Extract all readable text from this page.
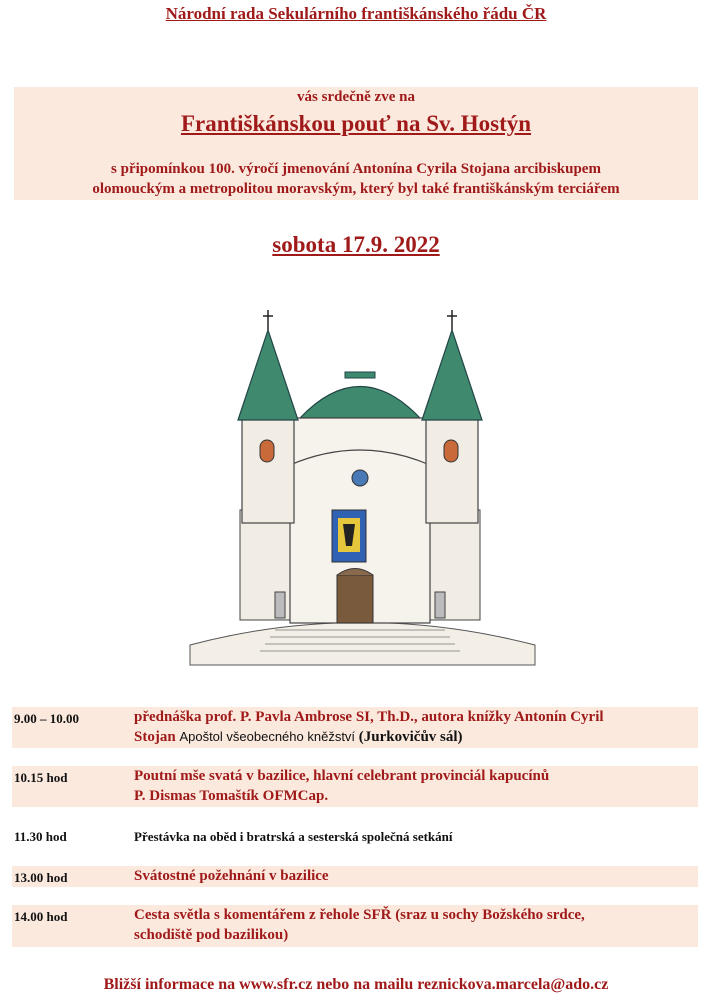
Národní rada Sekulárního františkánského řádu ČR
vás srdečně zve na
Františkánskou pouť na Sv. Hostýn
s připomínkou 100. výročí jmenování Antonína Cyrila Stojana arcibiskupem
olomouckým a metropolitou moravským, který byl také františkánským terciářem
sobota 17.9. 2022
9.00 – 10.00	přednáška prof. P. Pavla Ambrose SI, Th.D., autora knížky Antonín Cyril
Stojan Apoštol všeobecného kněžství (Jurkovičův sál)
10.15 hod	Poutní mše svatá v bazilice, hlavní celebrant provinciál kapucínů
P. Dismas Tomaštík OFMCap.
11.30 hod	Přestávka na oběd i bratrská a sesterská společná setkání
13.00 hod	Svátostné požehnání v bazilice
14.00 hod	Cesta světla s komentářem z řehole SFŘ (sraz u sochy Božského srdce,
schodiště pod bazilikou)
Bližší informace na www.sfr.cz nebo na mailu reznickova.marcela@ado.cz
